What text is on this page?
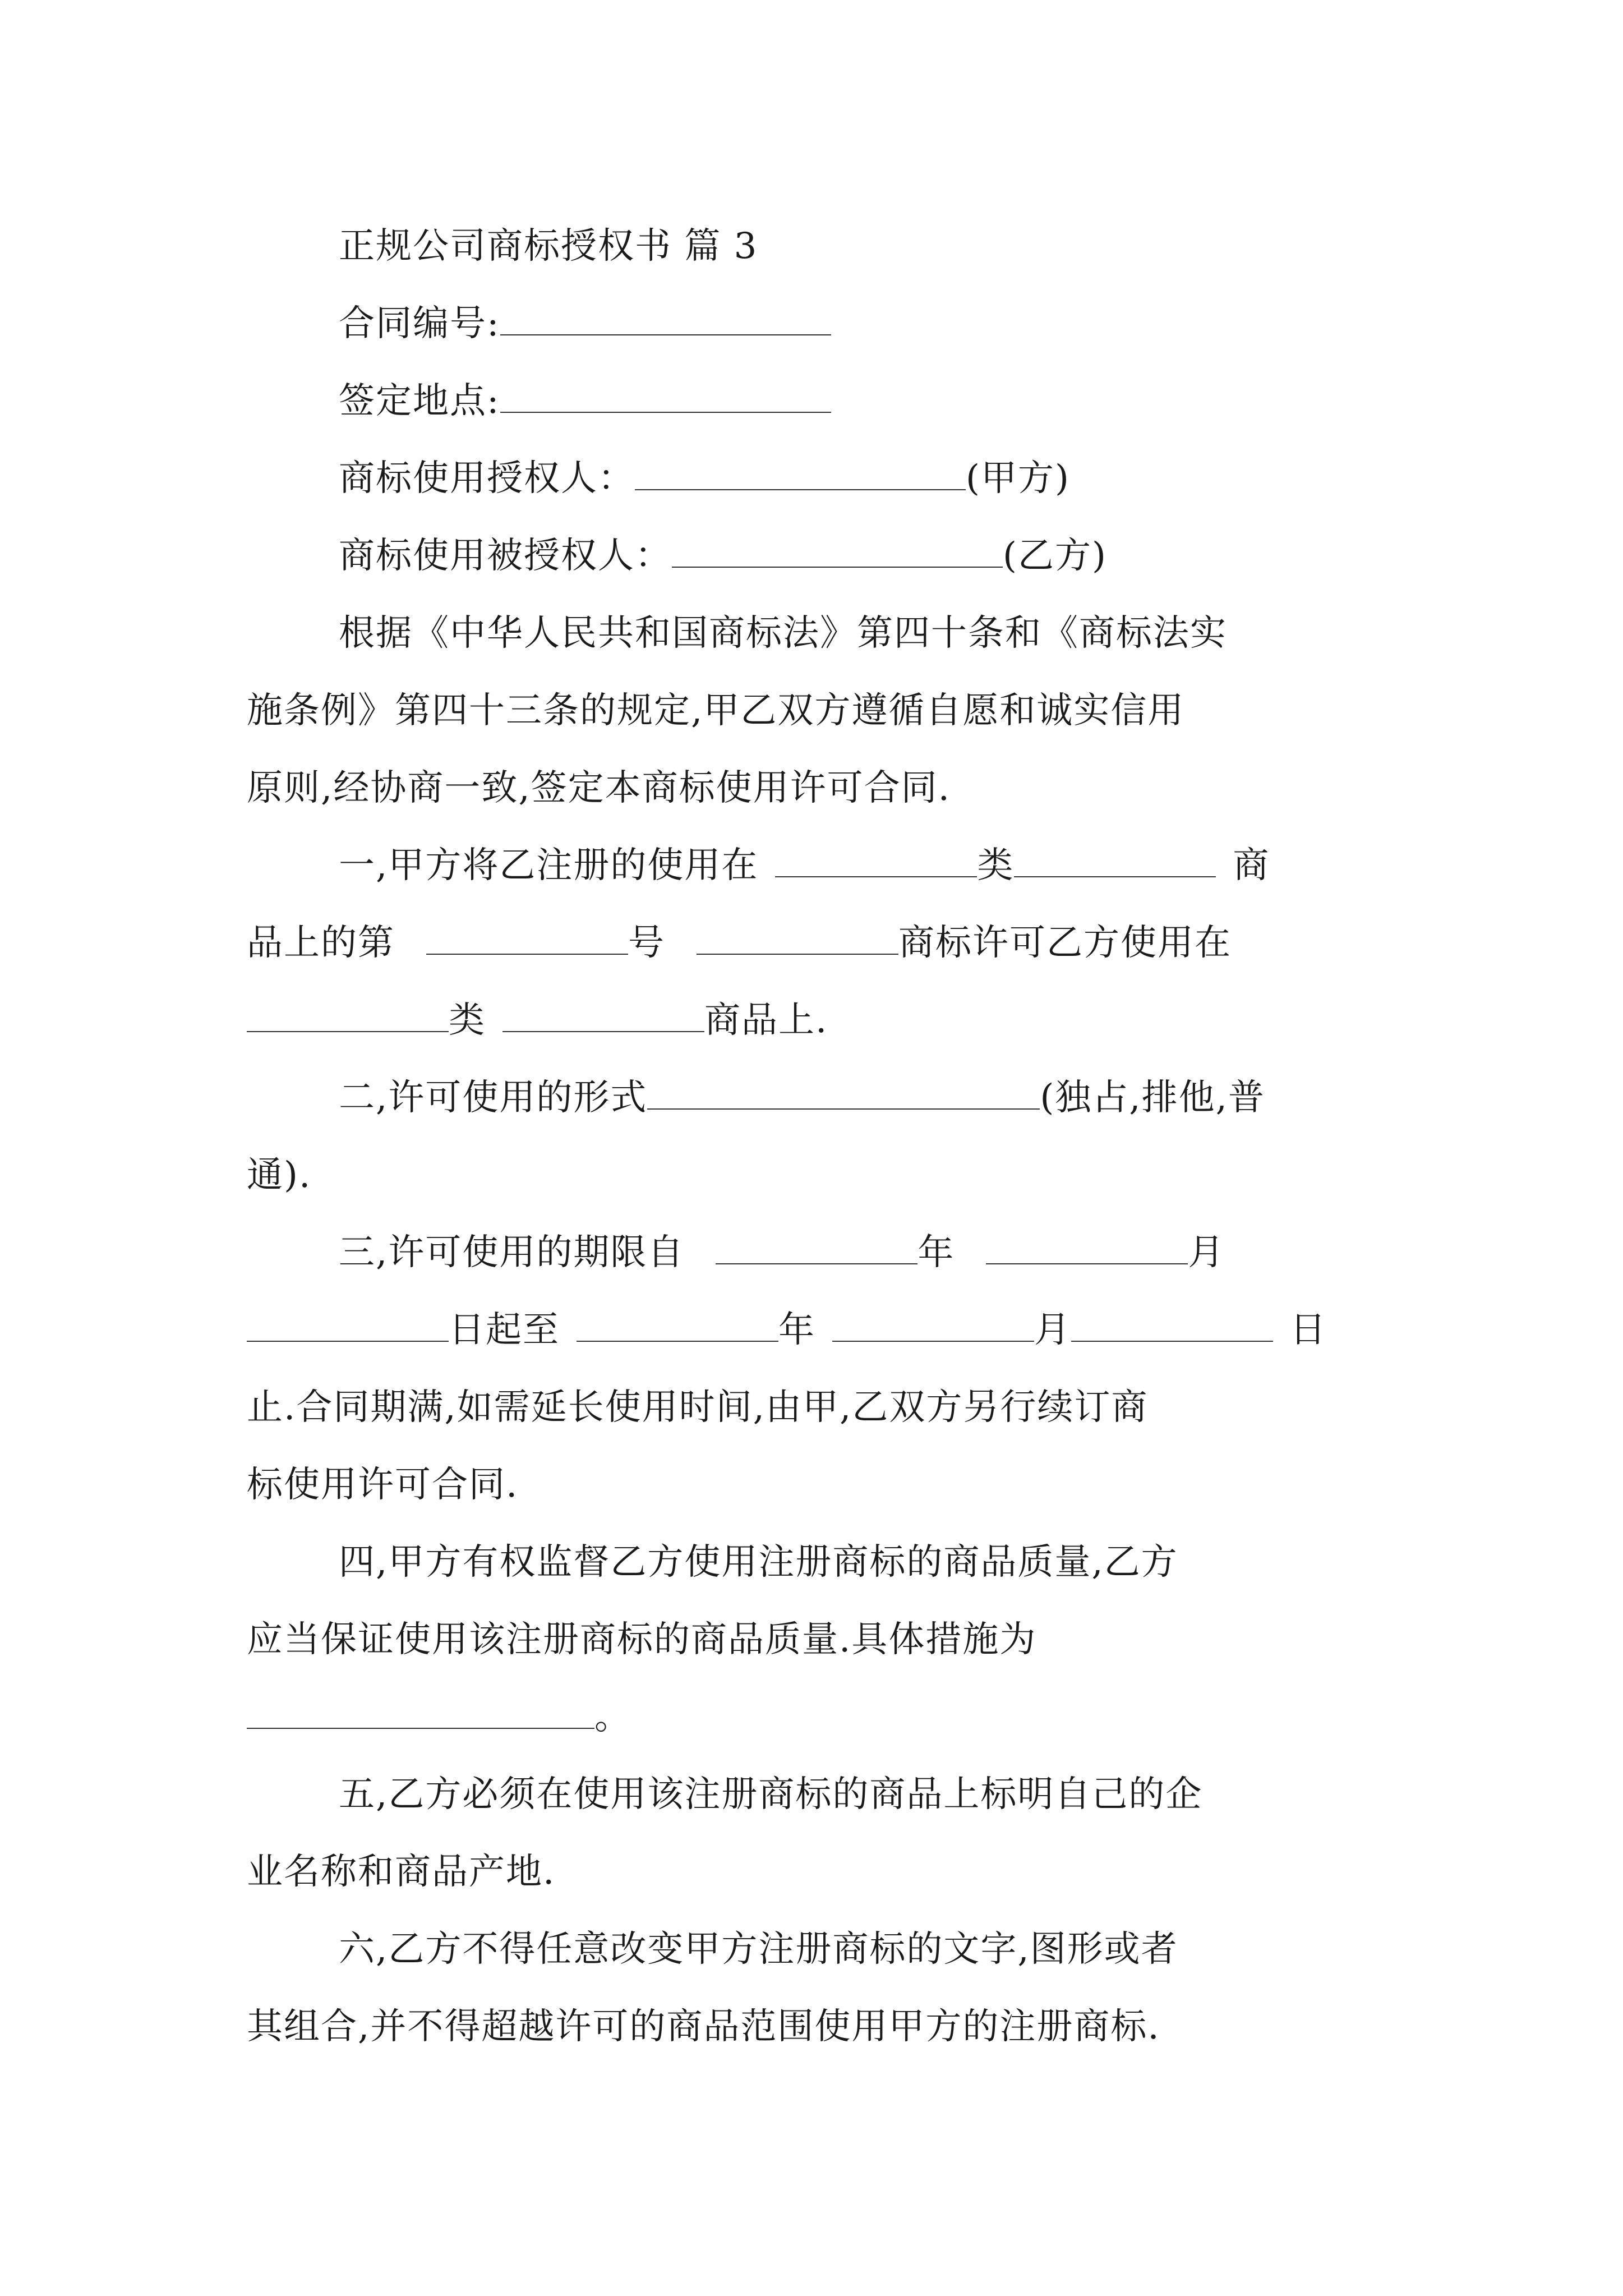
正规公司商标授权书 篇 3
合同编号:
签定地点:
商标使用授权人：	(甲方)
商标使用被授权人：	(乙方)
根据《中华人民共和国商标法》第四十条和《商标法实
施条例》第四十三条的规定,甲乙双方遵循自愿和诚实信用
原则,经协商一致,签定本商标使用许可合同.
一,甲方将乙注册的使用在	类	商
品上的第	号	商标许可乙方使用在
类	商品上.
二,许可使用的形式	(独占,排他,普
通).
三,许可使用的期限自	年	月
日起至	年	月	日
止.合同期满,如需延长使用时间,由甲,乙双方另行续订商
标使用许可合同.
四,甲方有权监督乙方使用注册商标的商品质量,乙方
应当保证使用该注册商标的商品质量.具体措施为
。
五,乙方必须在使用该注册商标的商品上标明自己的企
业名称和商品产地.
六,乙方不得任意改变甲方注册商标的文字,图形或者
其组合,并不得超越许可的商品范围使用甲方的注册商标.
